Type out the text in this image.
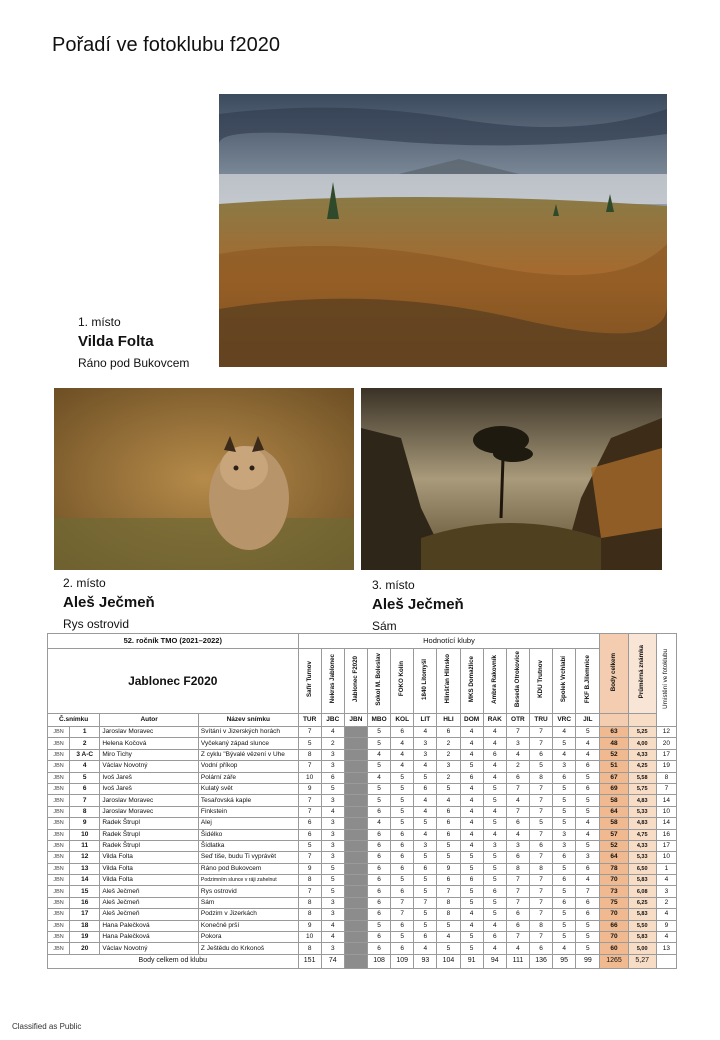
Pořadí ve fotoklubu f2020
1. místo
Vilda Folta
Ráno pod Bukovcem
2. místo
Aleš Ječmeň
Rys ostrovid
3. místo
Aleš Ječmeň
Sám
52. ročník TMO (2021–2022)				Hodnotící kluby													Body celkem	Průměrná známka	Umístění ve fotoklubu
Jablonec F2020				Safír Turnov	Nekras Jablonec	Jablonec F2020	Sokol M. Boleslav	FOKO Kolín	1840 Litomyšl	Hlinšťan Hlinsko	MKS Domažlice	Ambra Rakovník	Beseda Otrokovice	KDÚ Trutnov	Spolek Vrchlabí	FKF B.Jilemnice			
Č.snímku		Autor	Název snímku	TUR	JBC	JBN	MBO	KOL	LIT	HLI	DOM	RAK	OTR	TRU	VRC	JIL			
JBN	1	Jaroslav Moravec	Svítání v Jizerských horách	7	4		5	6	4	6	4	4	7	7	4	5	63	5,25	12
JBN	2	Helena Kočová	Vyčekaný západ slunce	5	2		5	4	3	2	4	4	3	7	5	4	48	4,00	20
JBN	3 A-C	Miro Tichy	Z cyklu "Bývalé vězení v Uhe	8	3		4	4	3	2	4	6	4	6	4	4	52	4,33	17
JBN	4	Václav Novotný	Vodní příkop	7	3		5	4	4	3	5	4	2	5	3	6	51	4,25	19
JBN	5	Ivoš Jareš	Polární záře	10	6		4	5	5	2	6	4	6	8	6	5	67	5,58	8
JBN	6	Ivoš Jareš	Kulatý svět	9	5		5	5	6	5	4	5	7	7	5	6	69	5,75	7
JBN	7	Jaroslav Moravec	Tesařovská kaple	7	3		5	5	4	4	4	5	4	7	5	5	58	4,83	14
JBN	8	Jaroslav Moravec	Finkstein	7	4		6	5	4	6	4	4	7	7	5	5	64	5,33	10
JBN	9	Radek Štrupl	Alej	6	3		4	5	5	6	4	5	6	5	5	4	58	4,83	14
JBN	10	Radek Štrupl	Šidélko	6	3		6	6	4	6	4	4	4	7	3	4	57	4,75	16
JBN	11	Radek Štrupl	Šídlatka	5	3		6	6	3	5	4	3	3	6	3	5	52	4,33	17
JBN	12	Vilda Folta	Seď tiše, budu Ti vyprávět	7	3		6	6	5	5	5	5	6	7	6	3	64	5,33	10
JBN	13	Vilda Folta	Ráno pod Bukovcem	9	5		6	6	6	9	5	5	8	8	5	6	78	6,50	1
JBN	14	Vilda Folta	Podzimním slunce v ráji zahelnut	8	5		6	5	5	6	6	5	7	7	6	4	70	5,83	4
JBN	15	Aleš Ječmeň	Rys ostrovid	7	5		6	6	5	7	5	6	7	7	5	7	73	6,08	3
JBN	16	Aleš Ječmeň	Sám	8	3		6	7	7	8	5	5	7	7	6	6	75	6,25	2
JBN	17	Aleš Ječmeň	Podzim v Jizerkách	8	3		6	7	5	8	4	5	6	7	5	6	70	5,83	4
JBN	18	Hana Palečková	Konečně prší	9	4		5	6	5	5	4	4	6	8	5	5	66	5,50	9
JBN	19	Hana Palečková	Pokora	10	4		6	5	6	4	5	6	7	7	5	5	70	5,83	4
JBN	20	Václav Novotný	Z Ještědu do Krkonoš	8	3		6	6	4	5	5	4	4	6	4	5	60	5,00	13
Body celkem od klubu				151	74		108	109	93	104	91	94	111	136	95	99	1265	5,27	
Classified as Public
